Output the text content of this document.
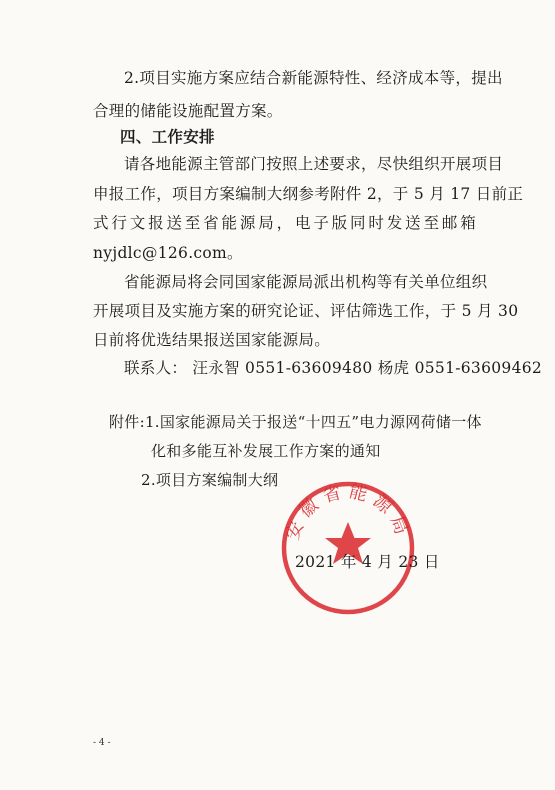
2.项目实施方案应结合新能源特性、经济成本等，提出
合理的储能设施配置方案。
四、工作安排
请各地能源主管部门按照上述要求，尽快组织开展项目
申报工作，项目方案编制大纲参考附件 2，于 5 月 17 日前正
式行文报送至省能源局，电子版同时发送至邮箱
nyjdlc@126.com。
省能源局将会同国家能源局派出机构等有关单位组织
开展项目及实施方案的研究论证、评估筛选工作，于 5 月 30
日前将优选结果报送国家能源局。
联系人： 汪永智 0551-63609480 杨虎 0551-63609462
附件:1.国家能源局关于报送“十四五”电力源网荷储一体
化和多能互补发展工作方案的通知
2.项目方案编制大纲
安徽省能源局
2021 年 4 月 23 日
- 4 -
